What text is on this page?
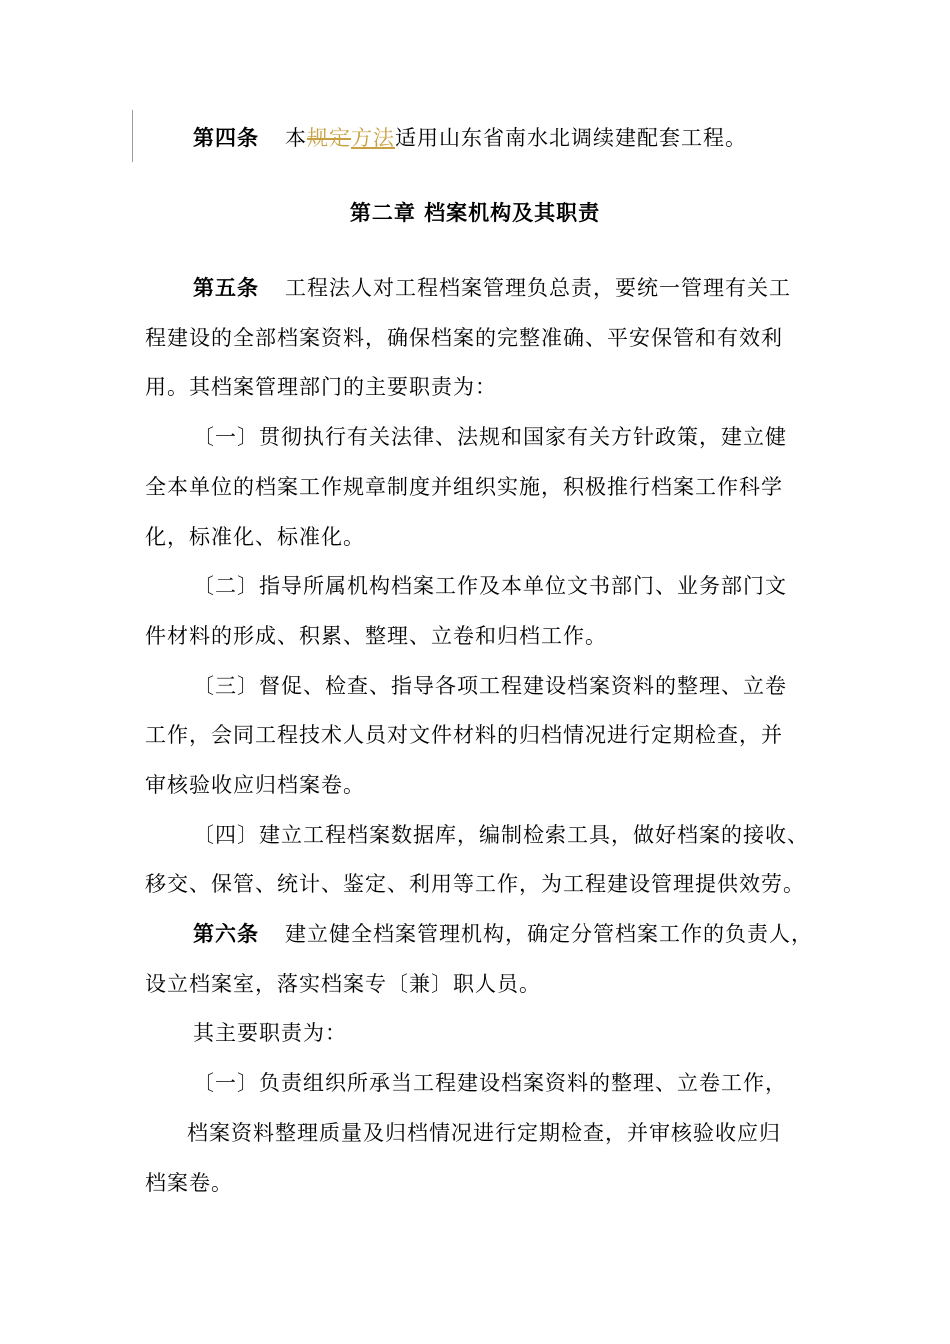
第四条 本规定方法适用山东省南水北调续建配套工程。
第二章 档案机构及其职责
第五条 工程法人对工程档案管理负总责，要统一管理有关工
程建设的全部档案资料，确保档案的完整准确、平安保管和有效利
用。其档案管理部门的主要职责为：
〔一〕贯彻执行有关法律、法规和国家有关方针政策，建立健
全本单位的档案工作规章制度并组织实施，积极推行档案工作科学
化，标准化、标准化。
〔二〕指导所属机构档案工作及本单位文书部门、业务部门文
件材料的形成、积累、整理、立卷和归档工作。
〔三〕督促、检查、指导各项工程建设档案资料的整理、立卷
工作，会同工程技术人员对文件材料的归档情况进行定期检查，并
审核验收应归档案卷。
〔四〕建立工程档案数据库，编制检索工具，做好档案的接收、
移交、保管、统计、鉴定、利用等工作，为工程建设管理提供效劳。
第六条 建立健全档案管理机构，确定分管档案工作的负责人，
设立档案室，落实档案专〔兼〕职人员。
其主要职责为：
〔一〕负责组织所承当工程建设档案资料的整理、立卷工作，
档案资料整理质量及归档情况进行定期检查，并审核验收应归
档案卷。
